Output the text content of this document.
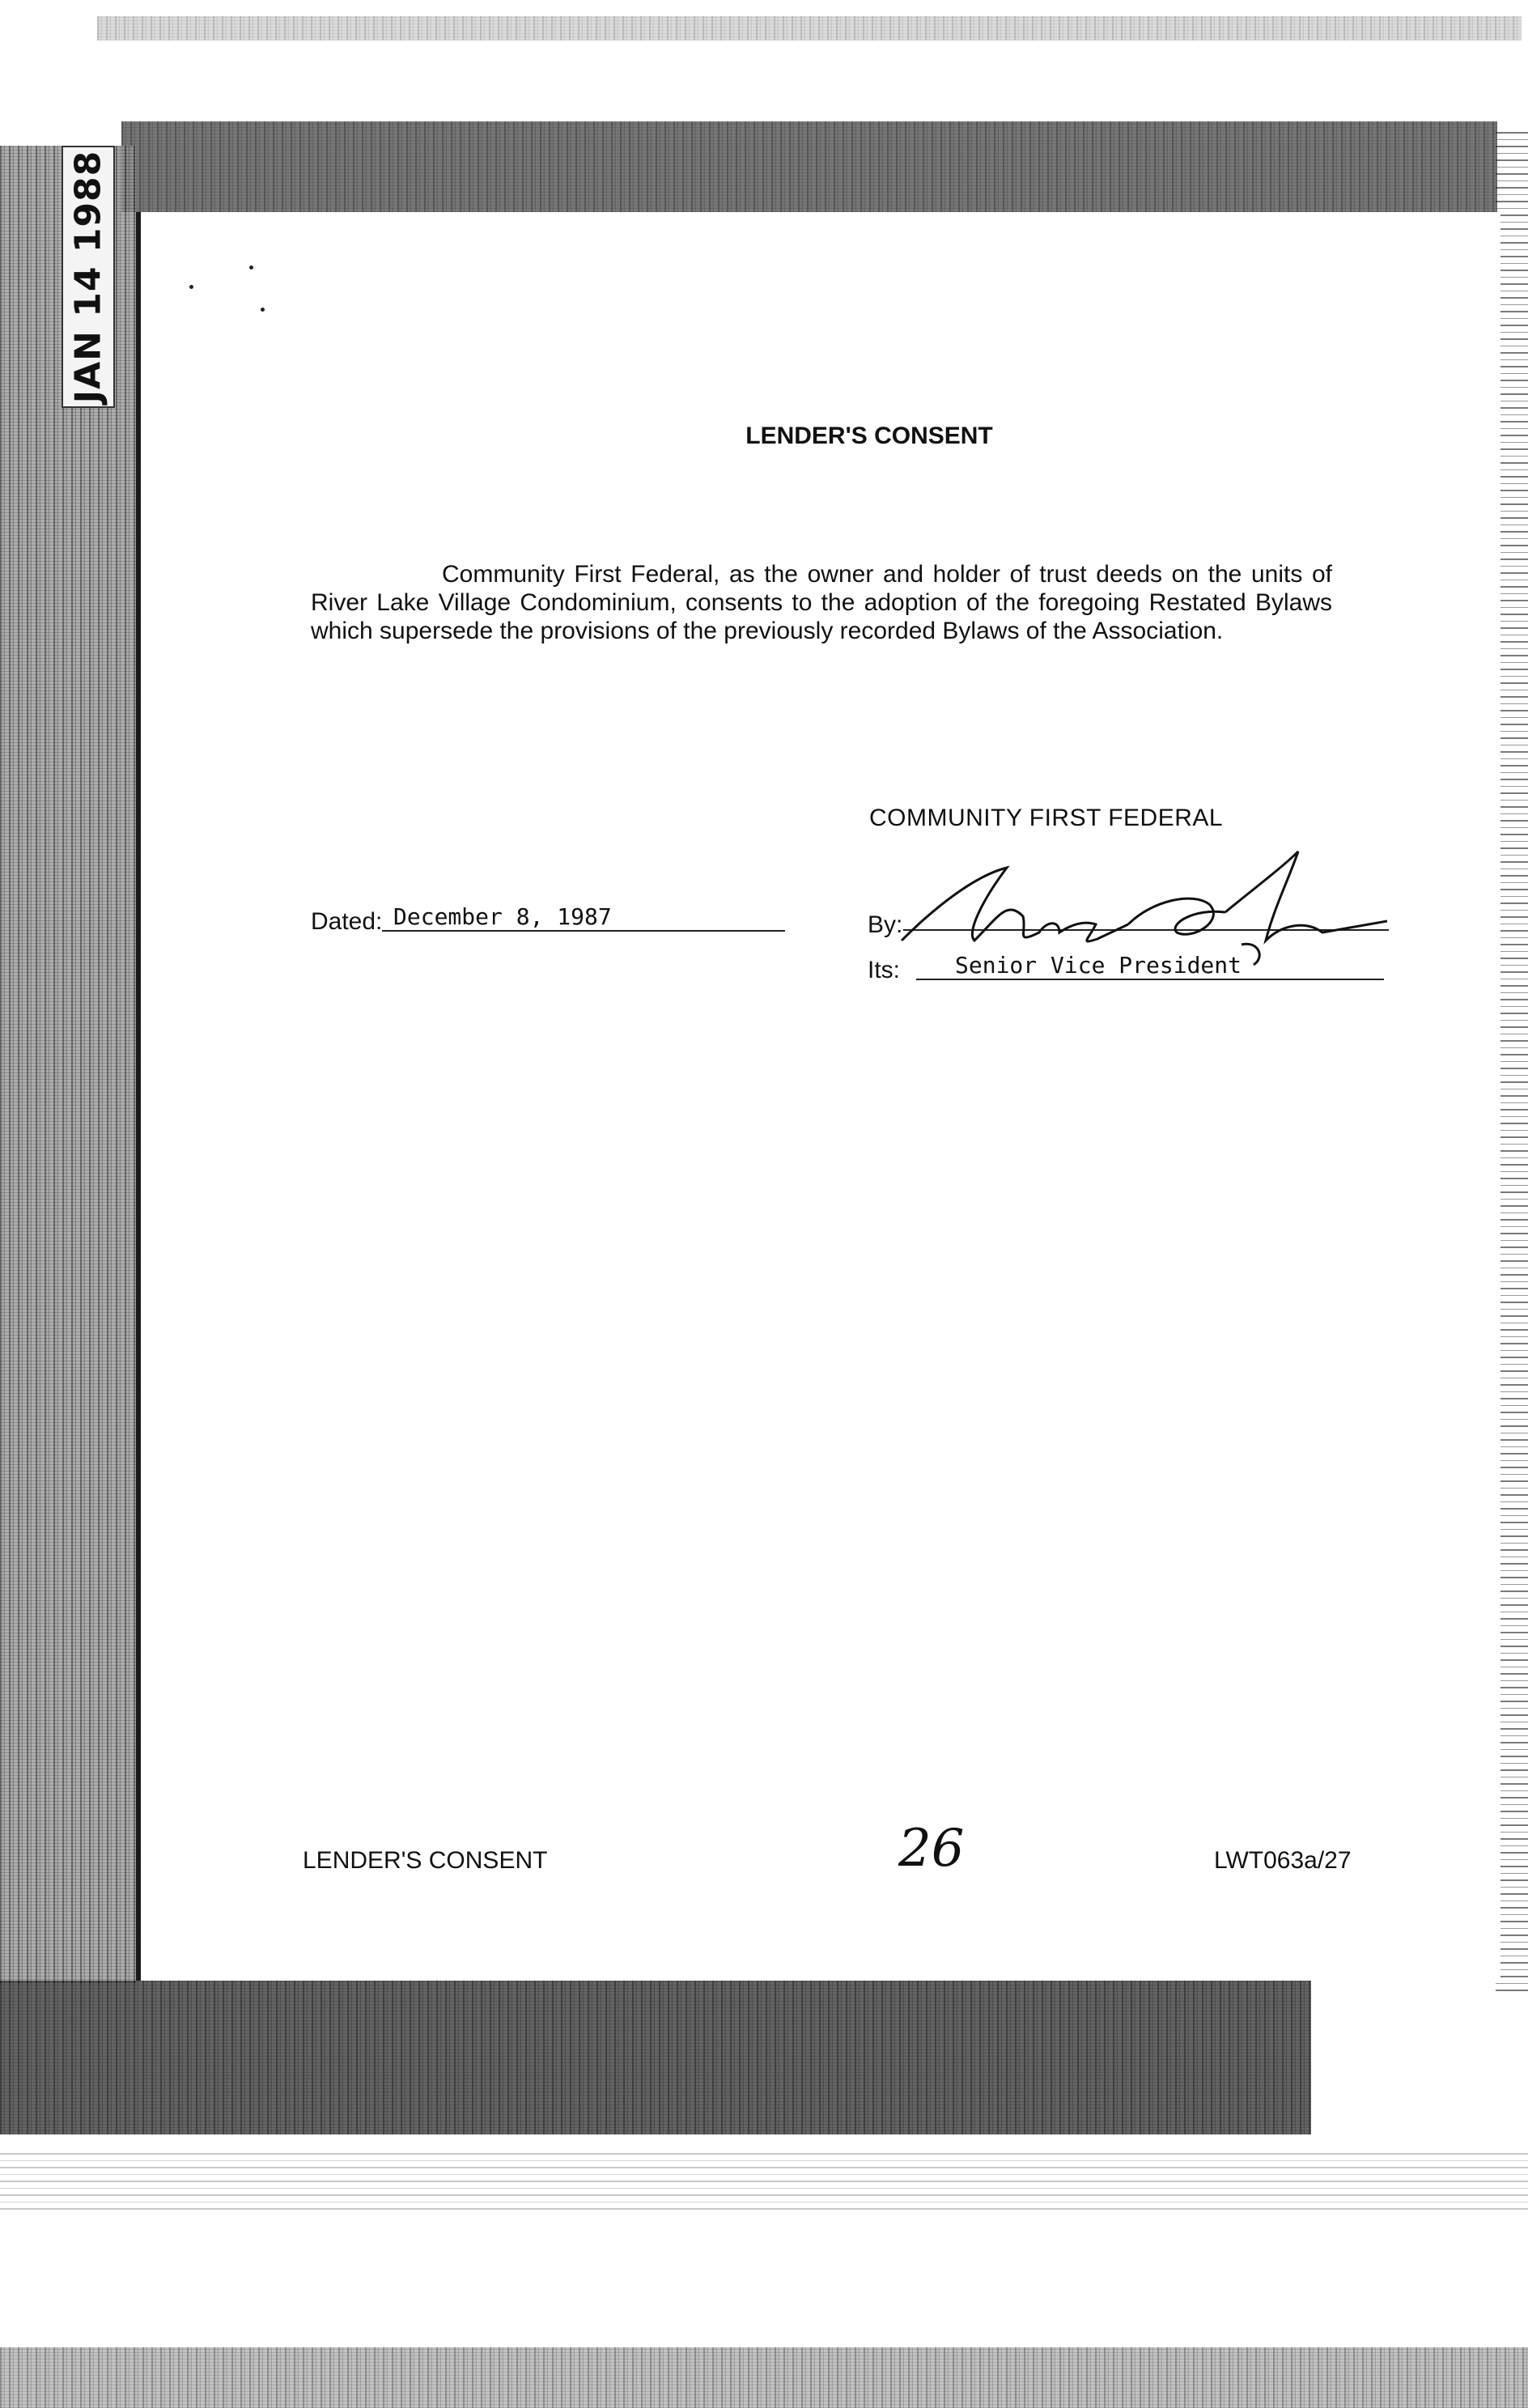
JAN 14 1988
LENDER'S CONSENT
Community First Federal, as the owner and holder of trust deeds on the units of River Lake Village Condominium, consents to the adoption of the foregoing Restated Bylaws which supersede the provisions of the previously recorded Bylaws of the Association.
COMMUNITY FIRST FEDERAL
Dated: December 8, 1987	By:
Its:	Senior Vice President
LENDER'S CONSENT	26	LWT063a/27
